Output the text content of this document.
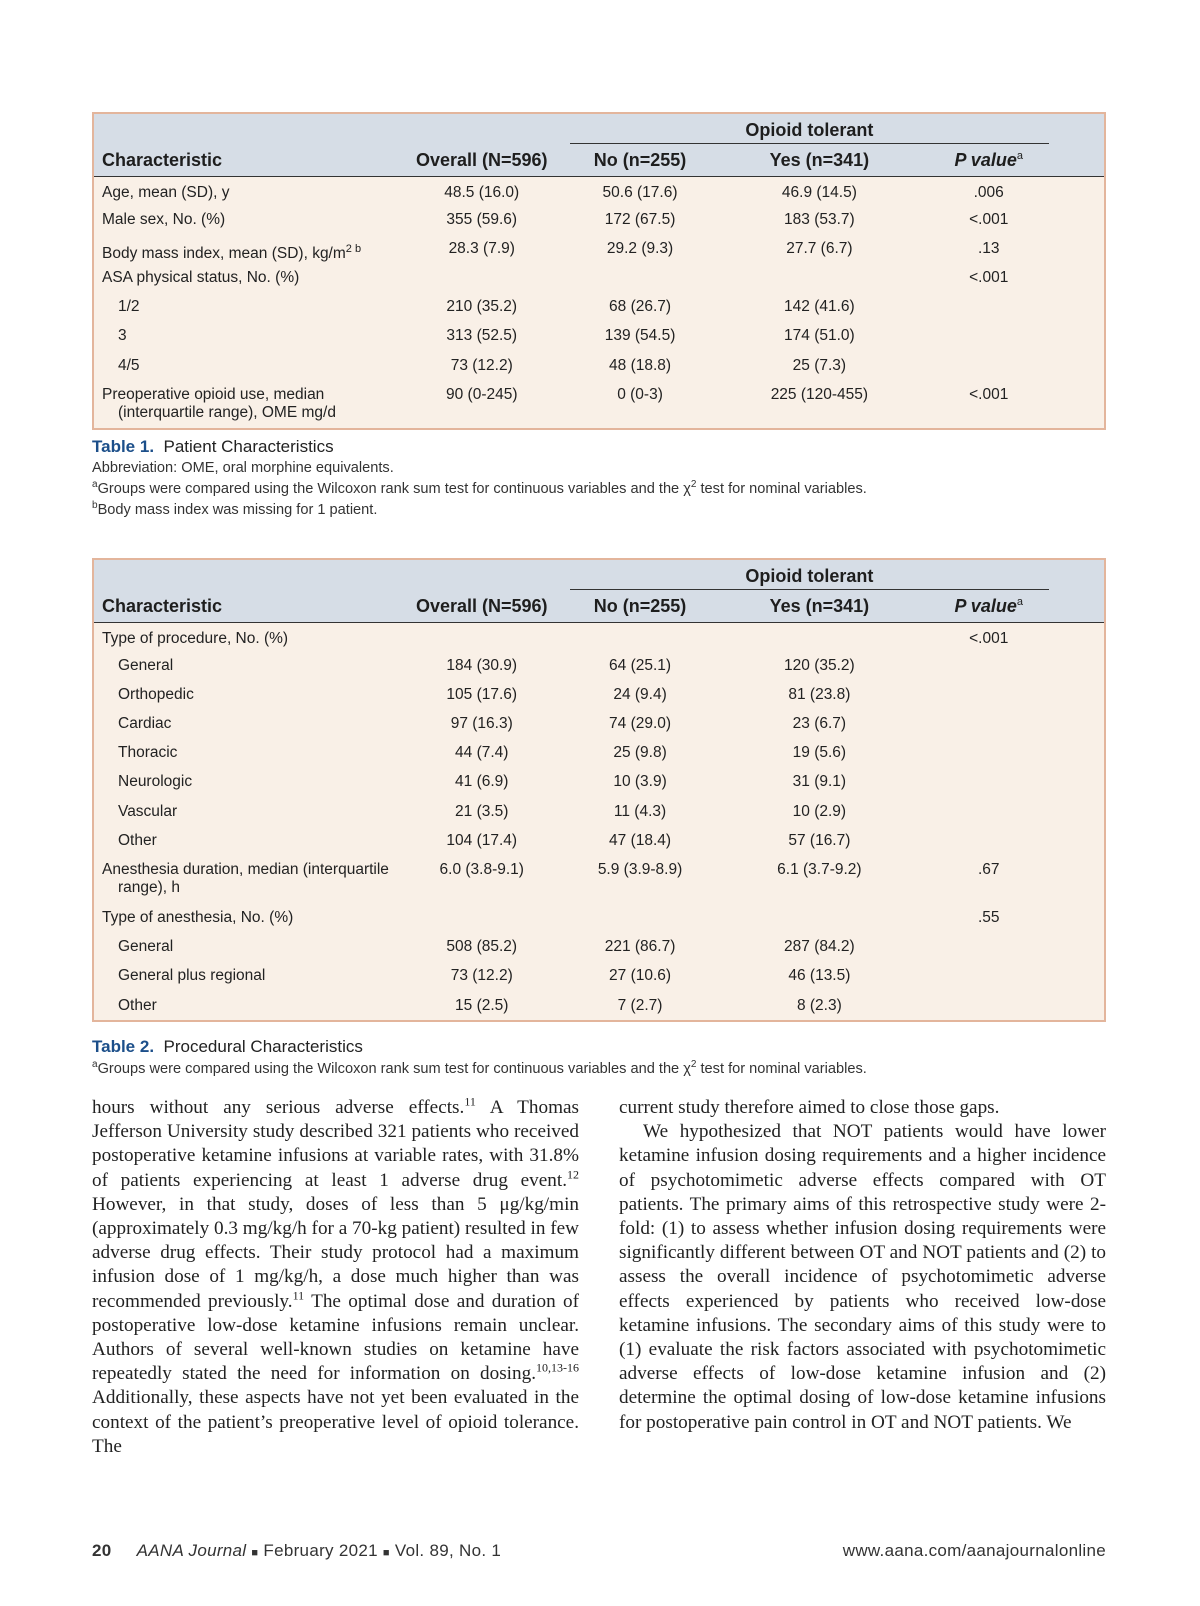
		Opioid tolerant			

Characteristic	Overall (N=596)	No (n=255)	Yes (n=341)	P value$^a$	
Age, mean (SD), y	48.5 (16.0)	50.6 (17.6)	46.9 (14.5)	.006	
Male sex, No. (%)	355 (59.6)	172 (67.5)	183 (53.7)	<.001	
Body mass index, mean (SD), $kg/m^{2 b}$	28.3 (7.9)	29.2 (9.3)	27.7 (6.7)	.13	
ASA physical status, No. (%)				<.001	
1/2	210 (35.2)	68 (26.7)	142 (41.6)		
3	313 (52.5)	139 (54.5)	174 (51.0)		
4/5	73 (12.2)	48 (18.8)	25 (7.3)		

Preoperative opioid use, median (interquartile range), OME mg/d	90 (0-245)	0 (0-3)	225 (120-455)	<.001	
Table 1. Patient Characteristics
Abbreviation: OME, oral morphine equivalents.
$^a$Groups were compared using the Wilcoxon rank sum test for continuous variables and the $\chi^2$ test for nominal variables.
$^b$Body mass index was missing for 1 patient.

		Opioid tolerant			

Characteristic	Overall (N=596)	No (n=255)	Yes (n=341)	P value$^a$	
Type of procedure, No. (%)				<.001	
General	184 (30.9)	64 (25.1)	120 (35.2)		
Orthopedic	105 (17.6)	24 (9.4)	81 (23.8)		
Cardiac	97 (16.3)	74 (29.0)	23 (6.7)		
Thoracic	44 (7.4)	25 (9.8)	19 (5.6)		
Neurologic	41 (6.9)	10 (3.9)	31 (9.1)		
Vascular	21 (3.5)	11 (4.3)	10 (2.9)		
Other	104 (17.4)	47 (18.4)	57 (16.7)		

Anesthesia duration, median (interquartile range), h	6.0 (3.8-9.1)	5.9 (3.9-8.9)	6.1 (3.7-9.2)	.67	
Type of anesthesia, No. (%)				.55	
General	508 (85.2)	221 (86.7)	287 (84.2)		
General plus regional	73 (12.2)	27 (10.6)	46 (13.5)		
Other	15 (2.5)	7 (2.7)	8 (2.3)		
Table 2. Procedural Characteristics
$^a$Groups were compared using the Wilcoxon rank sum test for continuous variables and the $\chi^2$ test for nominal variables.

hours without any serious adverse effects.$^{11}$ A Thomas Jefferson University study described 321 patients who received postoperative ketamine infusions at variable rates, with 31.8% of patients experiencing at least 1 adverse drug event.$^{12}$ However, in that study, doses of less than 5 μg/kg/min (approximately 0.3 mg/kg/h for a 70-kg patient) resulted in few adverse drug effects. Their study protocol had a maximum infusion dose of 1 mg/kg/h, a dose much higher than was recommended previously.$^{11}$ The optimal dose and duration of postoperative low-dose ketamine infusions remain unclear. Authors of several well-known studies on ketamine have repeatedly stated the need for information on dosing.$^{10,13-16}$ Additionally, these aspects have not yet been evaluated in the context of the patient’s preoperative level of opioid tolerance. The

current study therefore aimed to close those gaps.

We hypothesized that NOT patients would have lower ketamine infusion dosing requirements and a higher incidence of psychotomimetic adverse effects compared with OT patients. The primary aims of this retrospective study were 2-fold: (1) to assess whether infusion dosing requirements were significantly different between OT and NOT patients and (2) to assess the overall incidence of psychotomimetic adverse effects experienced by patients who received low-dose ketamine infusions. The secondary aims of this study were to (1) evaluate the risk factors associated with psychotomimetic adverse effects of low-dose ketamine infusion and (2) determine the optimal dosing of low-dose ketamine infusions for postoperative pain control in OT and NOT patients. We

20 AANA Journal ■ February 2021 ■ Vol. 89, No. 1	www.aana.com/aanajournalonline
